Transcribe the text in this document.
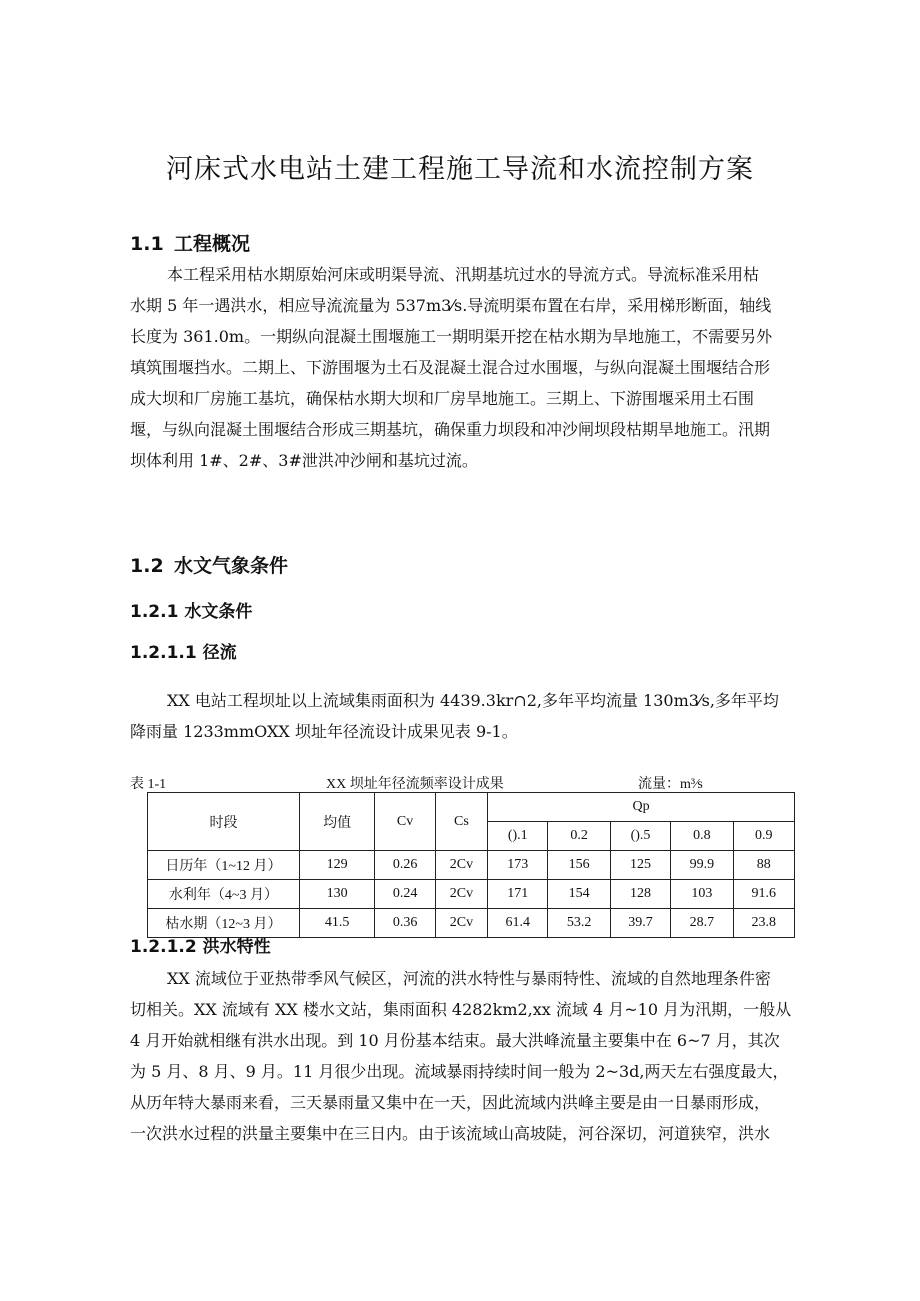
河床式水电站土建工程施工导流和水流控制方案
1.1 工程概况
本工程采用枯水期原始河床或明渠导流、汛期基坑过水的导流方式。导流标准采用枯
水期 5 年一遇洪水，相应导流流量为 537m3⁄s.导流明渠布置在右岸，采用梯形断面，轴线
长度为 361.0m。一期纵向混凝土围堰施工一期明渠开挖在枯水期为旱地施工，不需要另外
填筑围堰挡水。二期上、下游围堰为土石及混凝土混合过水围堰，与纵向混凝土围堰结合形
成大坝和厂房施工基坑，确保枯水期大坝和厂房旱地施工。三期上、下游围堰采用土石围
堰，与纵向混凝土围堰结合形成三期基坑，确保重力坝段和冲沙闸坝段枯期旱地施工。汛期
坝体利用 1#、2#、3#泄洪冲沙闸和基坑过流。
1.2 水文气象条件
1.2.1 水文条件
1.2.1.1 径流
XX 电站工程坝址以上流域集雨面积为 4439.3kr∩2,多年平均流量 130m3⁄s,多年平均
降雨量 1233mmOXX 坝址年径流设计成果见表 9-1。
表 1-1	XX 坝址年径流频率设计成果	流量：m³⁄s
时段	均值	Cv	Cs	Qp				
				().1	0.2	().5	0.8	0.9
日历年（1~12 月）	129	0.26	2Cv	173	156	125	99.9	88
水利年（4~3 月）	130	0.24	2Cv	171	154	128	103	91.6
枯水期（12~3 月）	41.5	0.36	2Cv	61.4	53.2	39.7	28.7	23.8
1.2.1.2 洪水特性
XX 流域位于亚热带季风气候区，河流的洪水特性与暴雨特性、流域的自然地理条件密
切相关。XX 流域有 XX 楼水文站，集雨面积 4282km2,xx 流域 4 月~10 月为汛期，一般从
4 月开始就相继有洪水出现。到 10 月份基本结束。最大洪峰流量主要集中在 6~7 月，其次
为 5 月、8 月、9 月。11 月很少出现。流域暴雨持续时间一般为 2~3d,两天左右强度最大，
从历年特大暴雨来看，三天暴雨量又集中在一天，因此流域内洪峰主要是由一日暴雨形成，
一次洪水过程的洪量主要集中在三日内。由于该流域山高坡陡，河谷深切，河道狭窄，洪水
